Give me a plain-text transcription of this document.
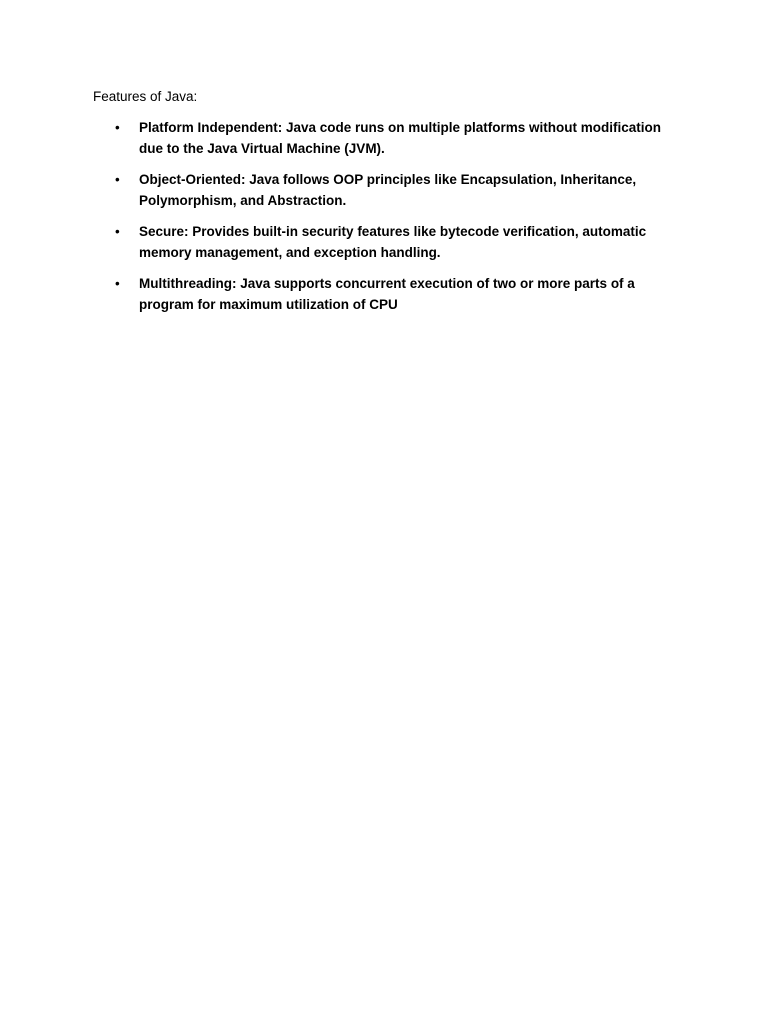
Features of Java:

• Platform Independent: Java code runs on multiple platforms without modification due to the Java Virtual Machine (JVM).
• Object-Oriented: Java follows OOP principles like Encapsulation, Inheritance, Polymorphism, and Abstraction.
• Secure: Provides built-in security features like bytecode verification, automatic memory management, and exception handling.
• Multithreading: Java supports concurrent execution of two or more parts of a program for maximum utilization of CPU
